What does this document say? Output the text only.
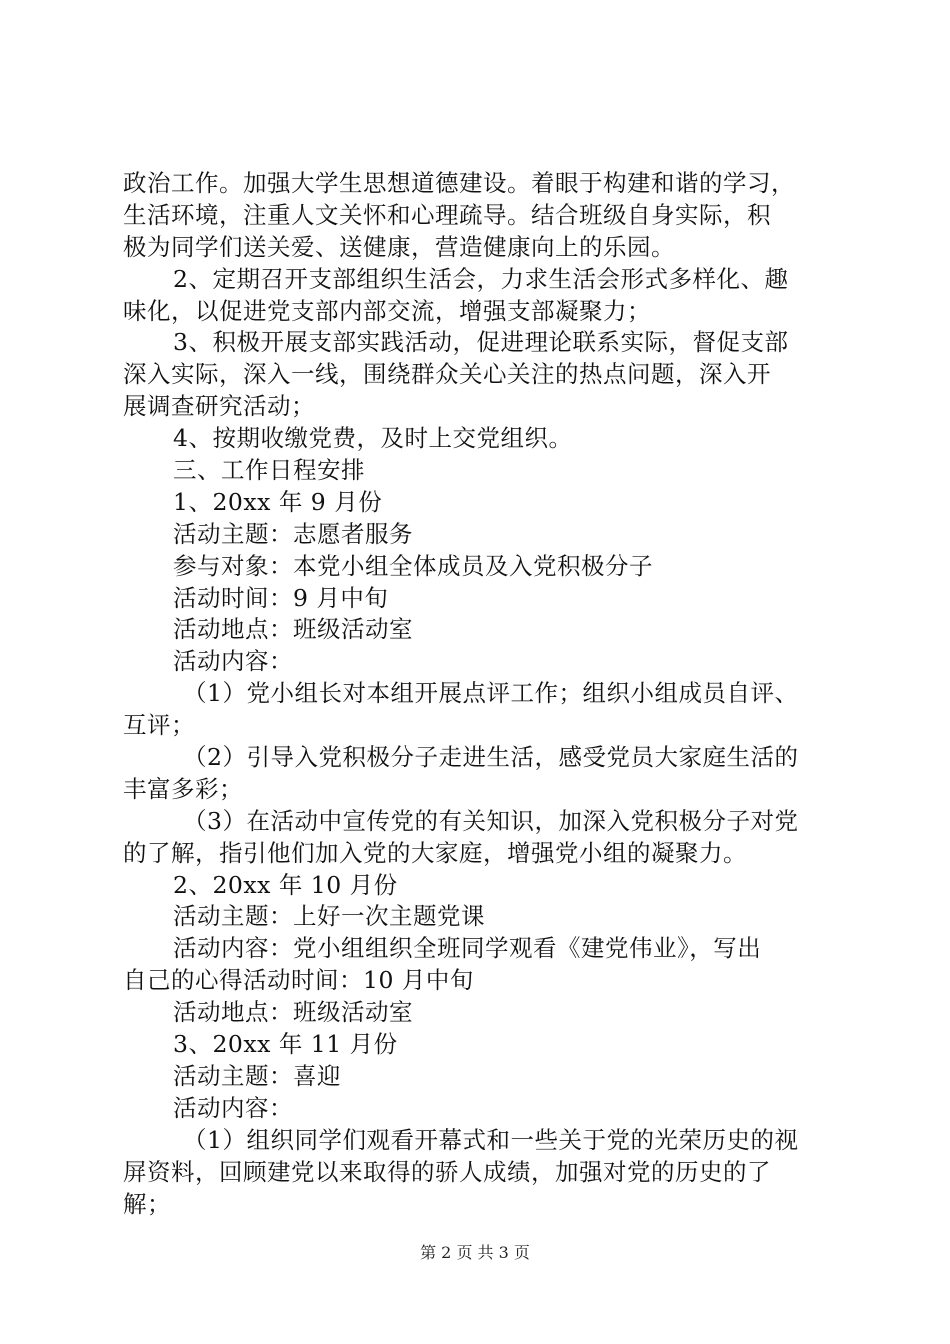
政治工作。加强大学生思想道德建设。着眼于构建和谐的学习，
生活环境，注重人文关怀和心理疏导。结合班级自身实际，积
极为同学们送关爱、送健康，营造健康向上的乐园。
2、定期召开支部组织生活会，力求生活会形式多样化、趣
味化，以促进党支部内部交流，增强支部凝聚力；
3、积极开展支部实践活动，促进理论联系实际，督促支部
深入实际，深入一线，围绕群众关心关注的热点问题，深入开
展调查研究活动；
4、按期收缴党费，及时上交党组织。
三、工作日程安排
1、20xx 年 9 月份
活动主题：志愿者服务
参与对象：本党小组全体成员及入党积极分子
活动时间：9 月中旬
活动地点：班级活动室
活动内容：
（1）党小组长对本组开展点评工作；组织小组成员自评、
互评；
（2）引导入党积极分子走进生活，感受党员大家庭生活的
丰富多彩；
（3）在活动中宣传党的有关知识，加深入党积极分子对党
的了解，指引他们加入党的大家庭，增强党小组的凝聚力。
2、20xx 年 10 月份
活动主题：上好一次主题党课
活动内容：党小组组织全班同学观看《建党伟业》，写出
自己的心得活动时间：10 月中旬
活动地点：班级活动室
3、20xx 年 11 月份
活动主题：喜迎
活动内容：
（1）组织同学们观看开幕式和一些关于党的光荣历史的视
屏资料，回顾建党以来取得的骄人成绩，加强对党的历史的了
解；
第 2 页 共 3 页
